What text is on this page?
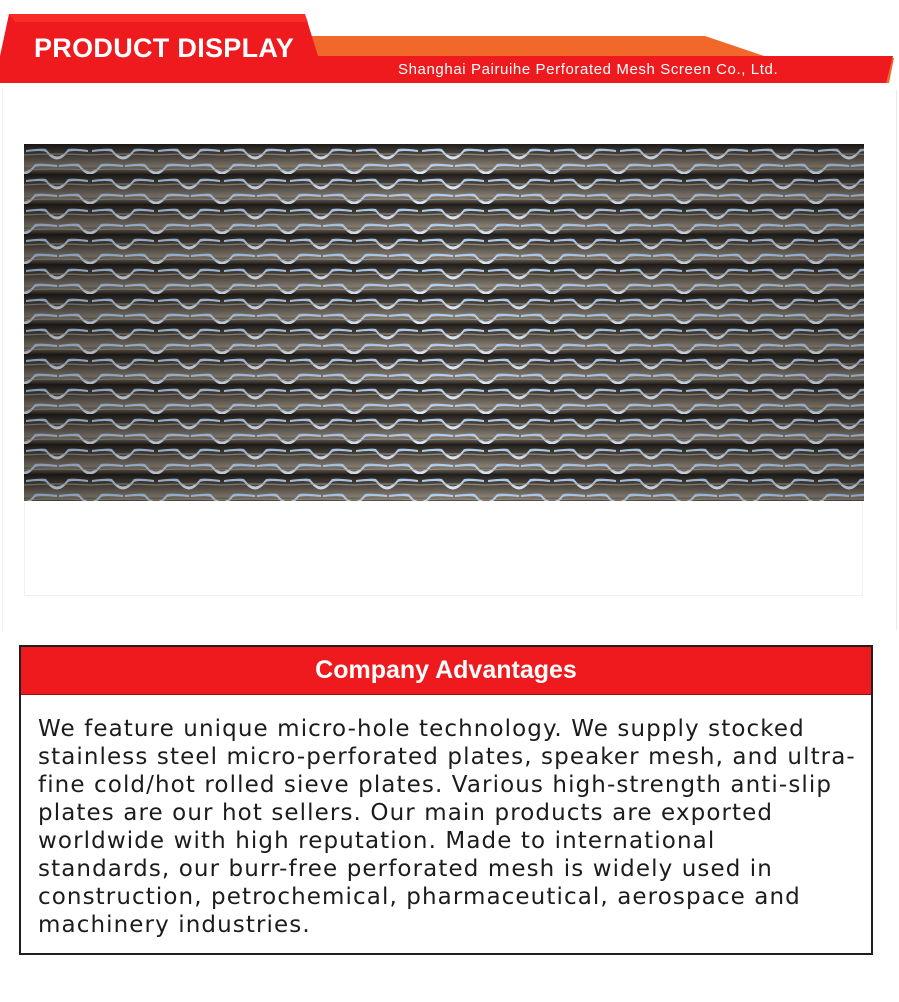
PRODUCT DISPLAY
Shanghai Pairuihe Perforated Mesh Screen Co., Ltd.
Company Advantages

We feature unique micro-hole technology. We supply stocked stainless steel micro-perforated plates, speaker mesh, and ultra-fine cold/hot rolled sieve plates. Various high-strength anti-slip plates are our hot sellers. Our main products are exported worldwide with high reputation. Made to international standards, our burr-free perforated mesh is widely used in construction, petrochemical, pharmaceutical, aerospace and machinery industries.
